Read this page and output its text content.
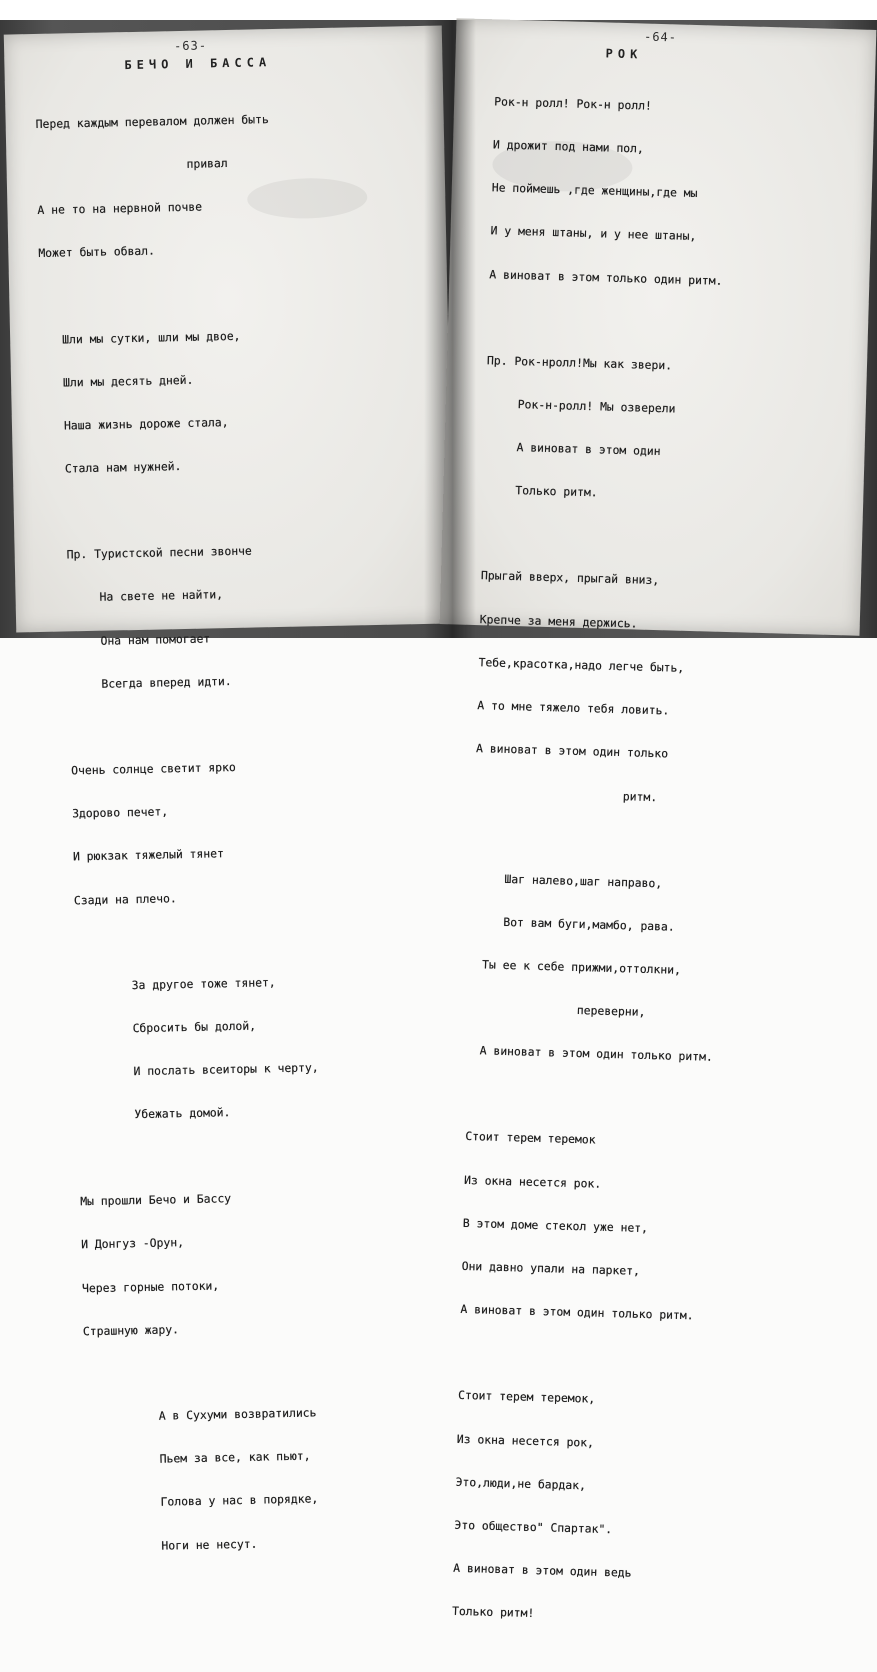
-63-
БЕЧО И БАССА

Перед каждым перевалом должен быть

привал

А не то на нервной почве

Может быть обвал.

Шли мы сутки, шли мы двое,

Шли мы десять дней.

Наша жизнь дороже стала,

Стала нам нужней.

Пр. Туристской песни звонче

На свете не найти,

Она нам помогает

Всегда вперед идти.

Очень солнце светит ярко

Здорово печет,

И рюкзак тяжелый тянет

Сзади на плечо.

За другое тоже тянет,

Сбросить бы долой,

И послать всеиторы к черту,

Убежать домой.

Мы прошли Бечо и Бассу

И Донгуз -Орун,

Через горные потоки,

Страшную жару.

А в Сухуми возвратились

Пьем за все, как пьют,

Голова у нас в порядке,

Ноги не несут.

-64-
РОК

Рок-н ролл! Рок-н ролл!

И дрожит под нами пол,

Не поймешь ,где женщины,где мы

И у меня штаны, и у нее штаны,

А виноват в этом только один ритм.

Пр. Рок-нролл!Мы как звери.

Рок-н-ролл! Мы озверели

А виноват в этом один

Только ритм.

Прыгай вверх, прыгай вниз,

Крепче за меня держись.

Тебе,красотка,надо легче быть,

А то мне тяжело тебя ловить.

А виноват в этом один только

ритм.

Шаг налево,шаг направо,

Вот вам буги,мамбо, рава.

Ты ее к себе прижми,оттолкни,

переверни,

А виноват в этом один только ритм.

Стоит терем теремок

Из окна несется рок.

В этом доме стекол уже нет,

Они давно упали на паркет,

А виноват в этом один только ритм.

Стоит терем теремок,

Из окна несется рок,

Это,люди,не бардак,

Это общество" Спартак".

А виноват в этом один ведь

Только ритм!
